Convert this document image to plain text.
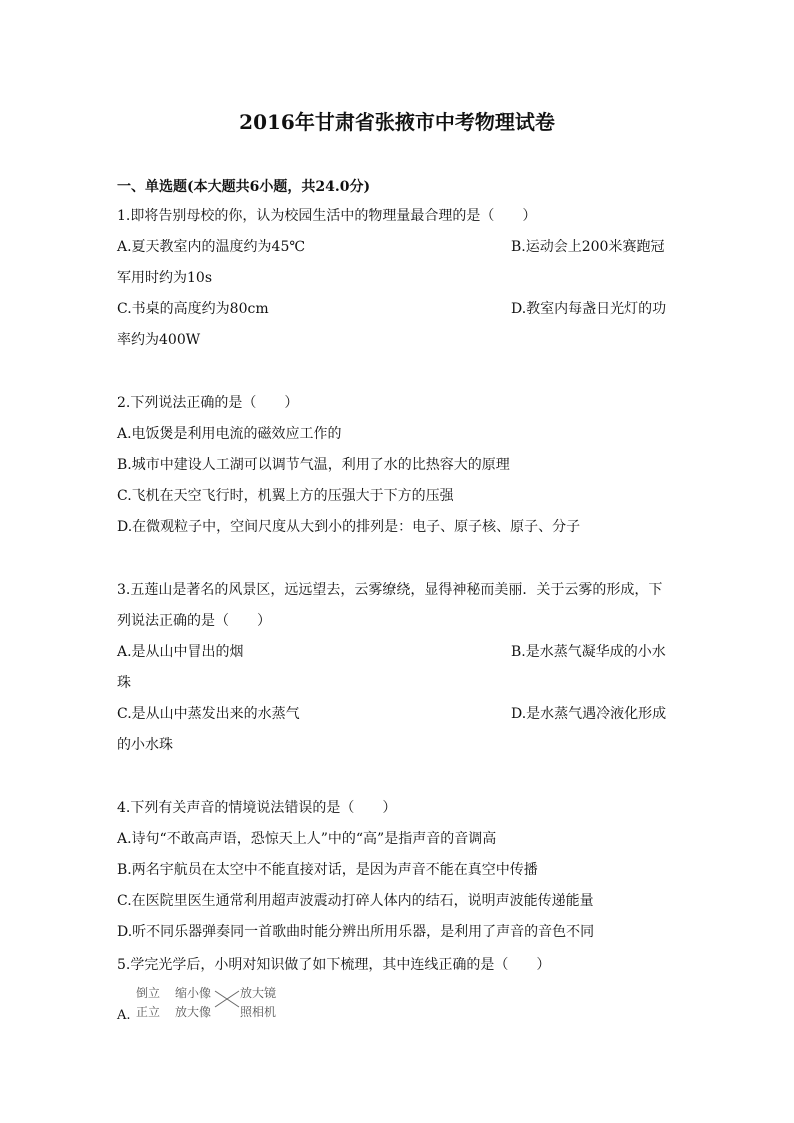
2016年甘肃省张掖市中考物理试卷
一、单选题(本大题共6小题，共24.0分)
1.即将告别母校的你，认为校园生活中的物理量最合理的是（　　）
A.夏天教室内的温度约为45℃	B.运动会上200米赛跑冠
军用时约为10s
C.书桌的高度约为80cm	D.教室内每盏日光灯的功
率约为400W
2.下列说法正确的是（　　）
A.电饭煲是利用电流的磁效应工作的
B.城市中建设人工湖可以调节气温，利用了水的比热容大的原理
C.飞机在天空飞行时，机翼上方的压强大于下方的压强
D.在微观粒子中，空间尺度从大到小的排列是：电子、原子核、原子、分子
3.五莲山是著名的风景区，远远望去，云雾缭绕，显得神秘而美丽．关于云雾的形成，下
列说法正确的是（　　）
A.是从山中冒出的烟	B.是水蒸气凝华成的小水
珠
C.是从山中蒸发出来的水蒸气	D.是水蒸气遇冷液化形成
的小水珠
4.下列有关声音的情境说法错误的是（　　）
A.诗句“不敢高声语，恐惊天上人”中的“高”是指声音的音调高
B.两名宇航员在太空中不能直接对话，是因为声音不能在真空中传播
C.在医院里医生通常利用超声波震动打碎人体内的结石，说明声波能传递能量
D.听不同乐器弹奏同一首歌曲时能分辨出所用乐器，是利用了声音的音色不同
5.学完光学后，小明对知识做了如下梳理，其中连线正确的是（　　）
A.
倒立
正立
缩小像
放大像
放大镜
照相机
